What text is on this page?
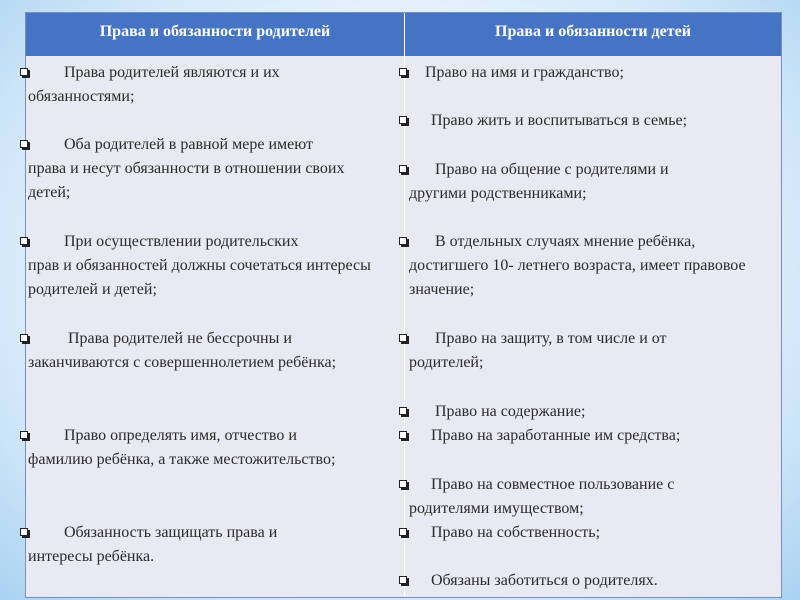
Права и обязанности родителей	Права и обязанности детей
Права родителей являются и их
обязанностями;
Оба родителей в равной мере имеют
права и несут обязанности в отношении своих детей;
При осуществлении родительских
прав и обязанностей должны сочетаться интересы родителей и детей;
Права родителей не бессрочны и
заканчиваются с совершеннолетием ребёнка;
Право определять имя, отчество и
фамилию ребёнка, а также местожительство;
Обязанность защищать права и
интересы ребёнка.
Право на имя и гражданство;
Право жить и воспитываться в семье;
Право на общение с родителями и
другими родственниками;
В отдельных случаях мнение ребёнка,
достигшего 10- летнего возраста, имеет правовое значение;
Право на защиту, в том числе и от
родителей;
Право на содержание;
Право на заработанные им средства;
Право на совместное пользование с
родителями имуществом;
Право на собственность;
Обязаны заботиться о родителях.
